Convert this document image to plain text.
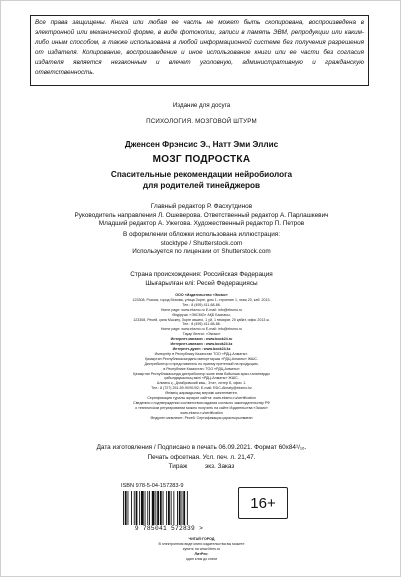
Все права защищены. Книга или любая ее часть не может быть скопирована, воспроизведена в электронной или механической форме, в виде фотокопии, записи в память ЭВМ, репродукции или каким-либо иным способом, а также использована в любой информационной системе без получения разрешения от издателя. Копирование, воспроизведение и иное использование книги или ее части без согласия издателя является незаконным и влечет уголовную, административную и гражданскую ответственность.
Издание для досуга
ПСИХОЛОГИЯ. МОЗГОВОЙ ШТУРМ
Дженсен Фрэнсис Э., Натт Эми Эллис
МОЗГ ПОДРОСТКА
Спасительные рекомендации нейробиолога
для родителей тинейджеров
Главный редактор Р. Фасхутдинов
Руководитель направления Л. Ошеверова. Ответственный редактор А. Парлашкевич
Младший редактор А. Ужегова. Художественный редактор П. Петров
В оформлении обложки использована иллюстрация:
stocktype / Shutterstock.com
Используется по лицензии от Shutterstock.com
Страна происхождения: Российская Федерация
Шығарылған елі: Ресей Федерациясы
ООО «Издательство «Эксмо»
123308, Россия, город Москва, улица Зорге, дом 1, строение 1, этаж 20, каб. 2013.
Тел.: 8 (495) 411-68-86.
Home page: www.eksmo.ru E-mail: info@eksmo.ru
Өндіруші: «ЭКСМО» АҚБ Баспасы,
123308, Ресей, қала Мәскеу, Зорге көшесі, 1 үй, 1 ғимарат, 20 қабат, офис 2013 ж.
Тел.: 8 (495) 411-68-86.
Home page: www.eksmo.ru E-mail: info@eksmo.ru
Тауар белгісі: «Эксмо»
Интернет-магазин : www.book24.ru
Интернет-магазин : www.book24.kz
Интернет-дүкен : www.book24.kz
Импортёр в Республику Казахстан ТОО «РДЦ-Алматы».
Қазақстан Республикасындағы импорттаушы «РДЦ-Алматы» ЖШС.
Дистрибьютор и представитель по приему претензий на продукцию,
в Республике Казахстан: ТОО «РДЦ-Алматы»
Қазақстан Республикасында дистрибьютор және өнім бойынша арыз-талаптарды
қабылдаушының өкілі «РДЦ-Алматы» ЖШС,
Алматы қ., Домбровский көш., 3«а», литер Б, офис 1.
Тел.: 8 (727) 251-59-90/91/92; E-mail: RDC-Almaty@eksmo.kz
Өнімнің жарамдылық мерзімі шектелмеген.
Сертификация туралы ақпарат сайтта: www.eksmo.ru/certification
Сведения о подтверждении соответствия издания согласно законодательству РФ
о техническом регулировании можно получить на сайте Издательства «Эксмо»
www.eksmo.ru/certification
Өндірген мемлекет: Ресей. Сертификация қарастырылмаған
Дата изготовления / Подписано в печать 06.09.2021. Формат 60x84¹/₁₆.
Печать офсетная. Усл. печ. л. 21,47.
Тираж          экз. Заказ
ISBN 978-5-04-157283-9
9 785041 572839 >
16+
ЧИТАЙ·ГОРОД
В электронном виде книги издательства вы можете
купить на www.litres.ru
ЛитРес:
один клик до книги
